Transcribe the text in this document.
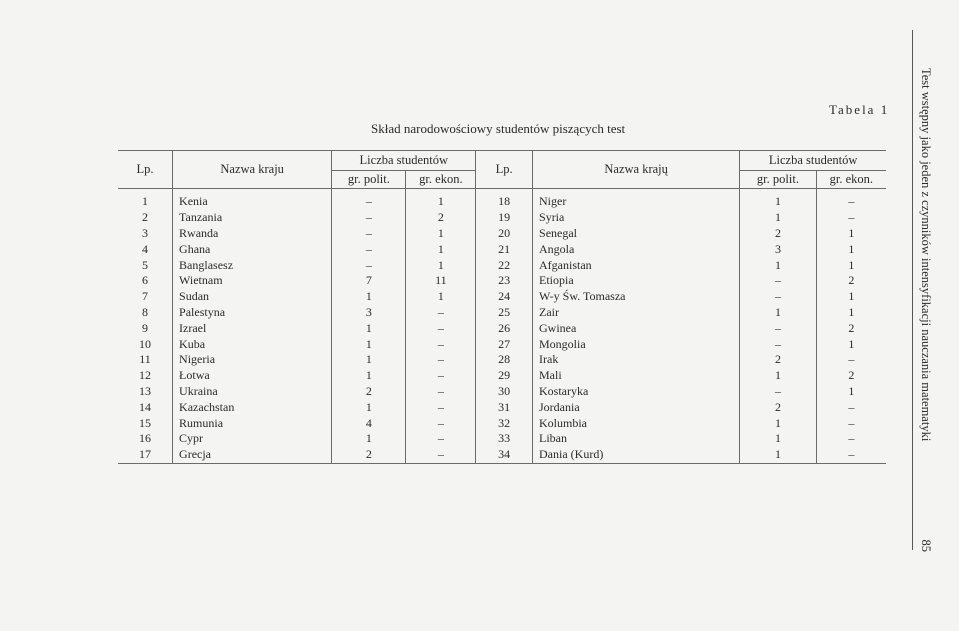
Test wstępny jako jeden z czynników intensyfikacji nauczania matematyki
85
Tabela 1
Skład narodowościowy studentów piszących test
Lp.	Nazwa kraju	Liczba studentów		Lp.	Nazwa krajų	Liczba studentów	
		gr. polit.	gr. ekon.			gr. polit.	gr. ekon.
1	Kenia	–	1	18	Niger	1	–
2	Tanzania	–	2	19	Syria	1	–
3	Rwanda	–	1	20	Senegal	2	1
4	Ghana	–	1	21	Angola	3	1
5	Banglasesz	–	1	22	Afganistan	1	1
6	Wietnam	7	11	23	Etiopia	–	2
7	Sudan	1	1	24	W-y Św. Tomasza	–	1
8	Palestyna	3	–	25	Zair	1	1
9	Izrael	1	–	26	Gwinea	–	2
10	Kuba	1	–	27	Mongolia	–	1
11	Nigeria	1	–	28	Irak	2	–
12	Łotwa	1	–	29	Mali	1	2
13	Ukraina	2	–	30	Kostaryka	–	1
14	Kazachstan	1	–	31	Jordania	2	–
15	Rumunia	4	–	32	Kolumbia	1	–
16	Cypr	1	–	33	Liban	1	–
17	Grecja	2	–	34	Dania (Kurd)	1	–
